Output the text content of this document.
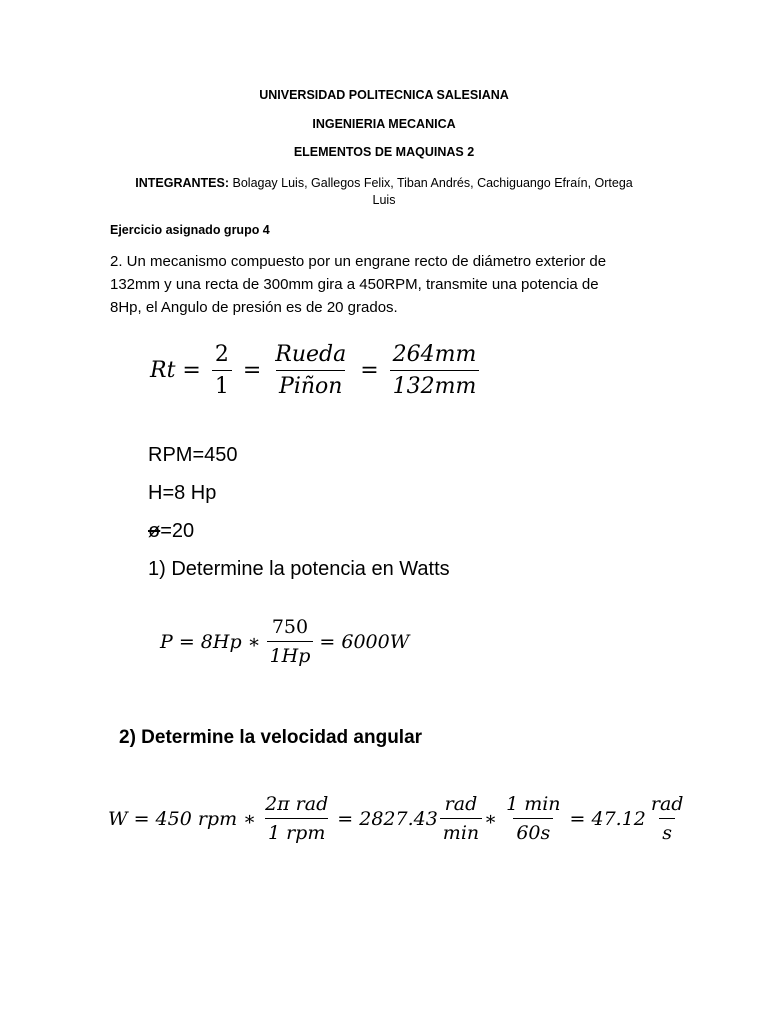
UNIVERSIDAD POLITECNICA SALESIANA
INGENIERIA MECANICA
ELEMENTOS DE MAQUINAS 2
INTEGRANTES: Bolagay Luis, Gallegos Felix, Tiban Andrés, Cachiguango Efraín, Ortega
Luis
Ejercicio asignado grupo 4
2. Un mecanismo compuesto por un engrane recto de diámetro exterior de
132mm y una recta de 300mm gira a 450RPM, transmite una potencia de
8Hp, el Angulo de presión es de 20 grados.
$Rt = \frac{2}{1} = \frac{\text{Rueda}}{\text{Piñon}} = \frac{264mm}{132mm}$
RPM=450
H=8 Hp
ø=20
1) Determine la potencia en Watts
P = 8Hp ∗ $\frac{750}{1Hp} = 6000W$
2) Determine la velocidad angular
W = 450 rpm ∗ $\frac{\text{2π rad}}{\text{1 rpm}} = 2827.43 \frac{\text{rad}}{\min}$ ∗ $\frac{1 \min}{60s} = 47.12 \frac{\text{rad}}{s}$
